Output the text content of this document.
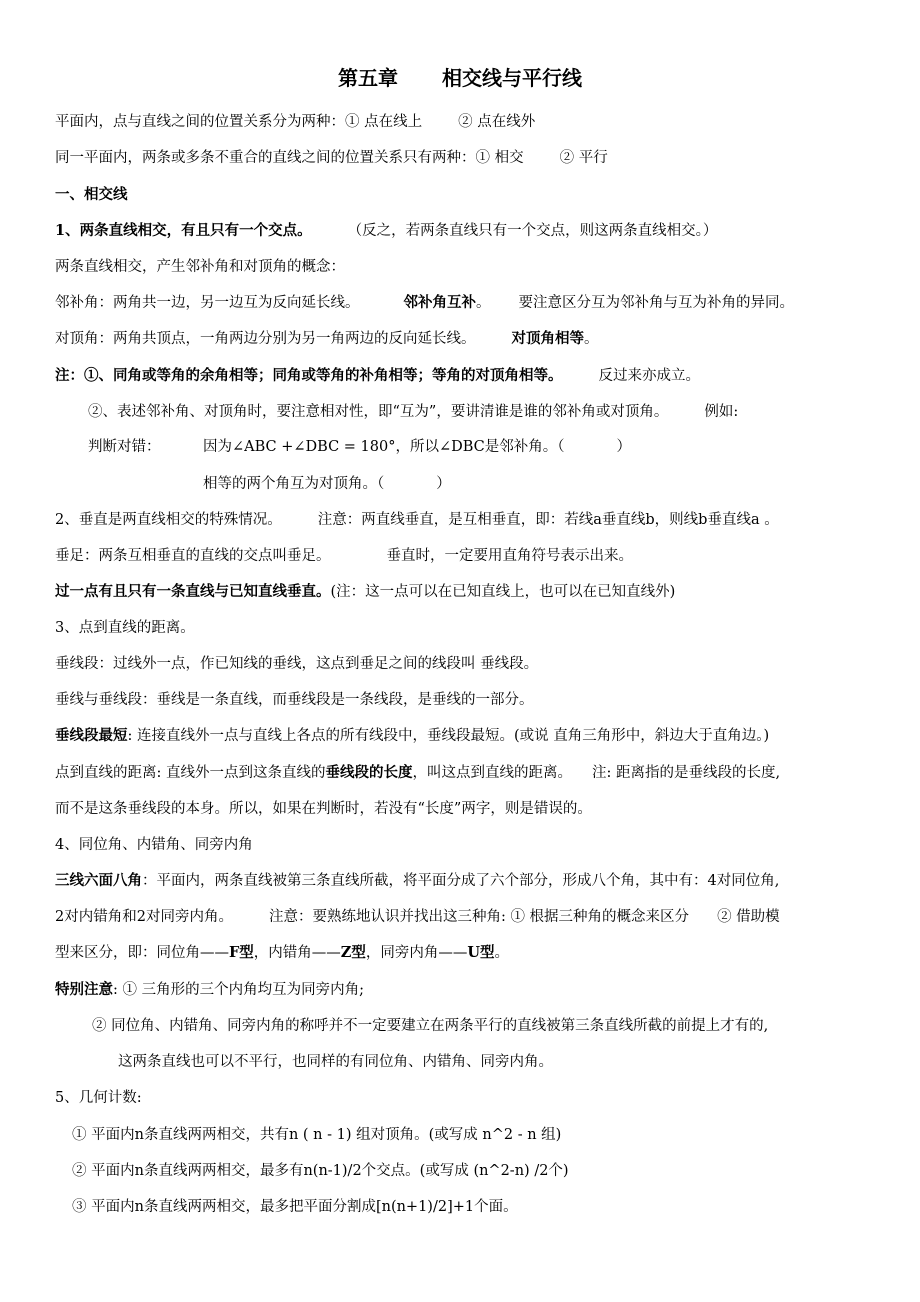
第五章 相交线与平行线
平面内，点与直线之间的位置关系分为两种：① 点在线上 ② 点在线外
同一平面内，两条或多条不重合的直线之间的位置关系只有两种：① 相交 ② 平行
一、相交线
1、两条直线相交，有且只有一个交点。 （反之，若两条直线只有一个交点，则这两条直线相交。）
两条直线相交，产生邻补角和对顶角的概念：
邻补角：两角共一边，另一边互为反向延长线。	邻补角互补。 要注意区分互为邻补角与互为补角的异同。
对顶角：两角共顶点，一角两边分别为另一角两边的反向延长线。 对顶角相等。
注：①、同角或等角的余角相等；同角或等角的补角相等；等角的对顶角相等。 反过来亦成立。
②、表述邻补角、对顶角时，要注意相对性，即“互为”，要讲清谁是谁的邻补角或对顶角。 例如:
判断对错：	因为∠ABC +∠DBC = 180°，所以∠DBC是邻补角。（	）
相等的两个角互为对顶角。（	）
2、垂直是两直线相交的特殊情况。 注意：两直线垂直，是互相垂直，即：若线a垂直线b，则线b垂直线a 。
垂足：两条互相垂直的直线的交点叫垂足。	垂直时，一定要用直角符号表示出来。
过一点有且只有一条直线与已知直线垂直。(注：这一点可以在已知直线上，也可以在已知直线外)
3、点到直线的距离。
垂线段：过线外一点，作已知线的垂线，这点到垂足之间的线段叫 垂线段。
垂线与垂线段：垂线是一条直线，而垂线段是一条线段，是垂线的一部分。
垂线段最短: 连接直线外一点与直线上各点的所有线段中，垂线段最短。(或说 直角三角形中，斜边大于直角边。)
点到直线的距离: 直线外一点到这条直线的垂线段的长度，叫这点到直线的距离。 注: 距离指的是垂线段的长度,
而不是这条垂线段的本身。所以，如果在判断时，若没有“长度”两字，则是错误的。
4、同位角、内错角、同旁内角
三线六面八角：平面内，两条直线被第三条直线所截，将平面分成了六个部分，形成八个角，其中有：4对同位角,
2对内错角和2对同旁内角。 注意：要熟练地认识并找出这三种角: ① 根据三种角的概念来区分 ② 借助模
型来区分，即：同位角——F型，内错角——Z型，同旁内角——U型。
特别注意: ① 三角形的三个内角均互为同旁内角;
② 同位角、内错角、同旁内角的称呼并不一定要建立在两条平行的直线被第三条直线所截的前提上才有的,
这两条直线也可以不平行，也同样的有同位角、内错角、同旁内角。
5、几何计数:
① 平面内n条直线两两相交，共有n ( n - 1) 组对顶角。(或写成 n^2 - n 组)
② 平面内n条直线两两相交，最多有n(n-1)/2个交点。(或写成 (n^2-n) /2个)
③ 平面内n条直线两两相交，最多把平面分割成[n(n+1)/2]+1个面。
